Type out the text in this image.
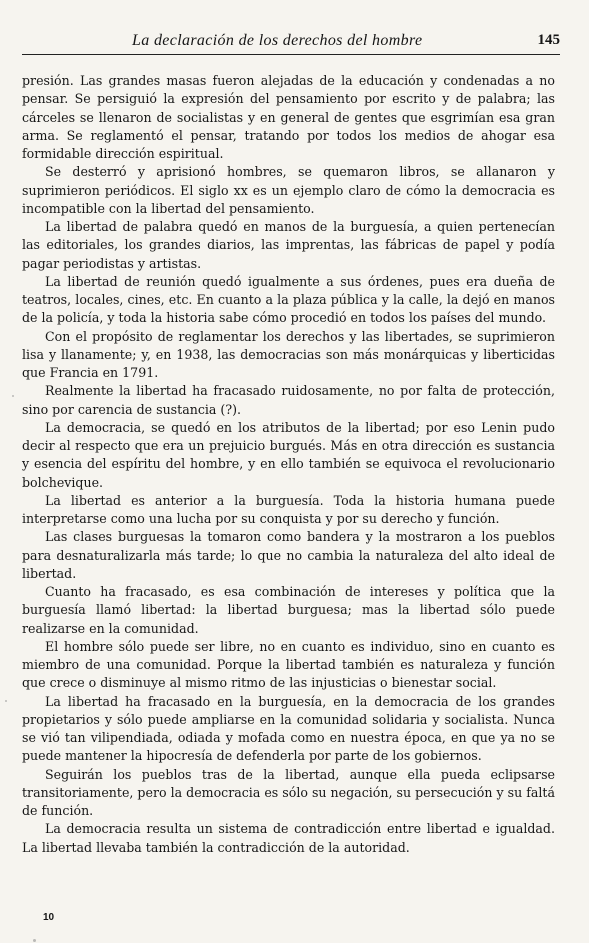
La declaración de los derechos del hombre	145

presión. Las grandes masas fueron alejadas de la educación y condenadas a no pensar. Se persiguió la expresión del pensamiento por escrito y de palabra; las cárceles se llenaron de socialistas y en general de gentes que esgrimían esa gran arma. Se reglamentó el pensar, tratando por todos los medios de ahogar esa formidable dirección espiritual.

Se desterró y aprisionó hombres, se quemaron libros, se allanaron y suprimieron periódicos. El siglo xx es un ejemplo claro de cómo la democracia es incompatible con la libertad del pensamiento.

La libertad de palabra quedó en manos de la burguesía, a quien pertenecían las editoriales, los grandes diarios, las imprentas, las fábricas de papel y podía pagar periodistas y artistas.

La libertad de reunión quedó igualmente a sus órdenes, pues era dueña de teatros, locales, cines, etc. En cuanto a la plaza pública y la calle, la dejó en manos de la policía, y toda la historia sabe cómo procedió en todos los países del mundo.

Con el propósito de reglamentar los derechos y las libertades, se suprimieron lisa y llanamente; y, en 1938, las democracias son más monárquicas y liberticidas que Francia en 1791.

Realmente la libertad ha fracasado ruidosamente, no por falta de protección, sino por carencia de sustancia (?).

La democracia, se quedó en los atributos de la libertad; por eso Lenin pudo decir al respecto que era un prejuicio burgués. Más en otra dirección es sustancia y esencia del espíritu del hombre, y en ello también se equivoca el revolucionario bolchevique.

La libertad es anterior a la burguesía. Toda la historia humana puede interpretarse como una lucha por su conquista y por su derecho y función.

Las clases burguesas la tomaron como bandera y la mostraron a los pueblos para desnaturalizarla más tarde; lo que no cambia la naturaleza del alto ideal de libertad.

Cuanto ha fracasado, es esa combinación de intereses y política que la burguesía llamó libertad: la libertad burguesa; mas la libertad sólo puede realizarse en la comunidad.

El hombre sólo puede ser libre, no en cuanto es individuo, sino en cuanto es miembro de una comunidad. Porque la libertad también es naturaleza y función que crece o disminuye al mismo ritmo de las injusticias o bienestar social.

La libertad ha fracasado en la burguesía, en la democracia de los grandes propietarios y sólo puede ampliarse en la comunidad solidaria y socialista. Nunca se vió tan vilipendiada, odiada y mofada como en nuestra época, en que ya no se puede mantener la hipocresía de defenderla por parte de los gobiernos.

Seguirán los pueblos tras de la libertad, aunque ella pueda eclipsarse transitoriamente, pero la democracia es sólo su negación, su persecución y su faltá de función.

La democracia resulta un sistema de contradicción entre libertad e igualdad. La libertad llevaba también la contradicción de la autoridad.

10
